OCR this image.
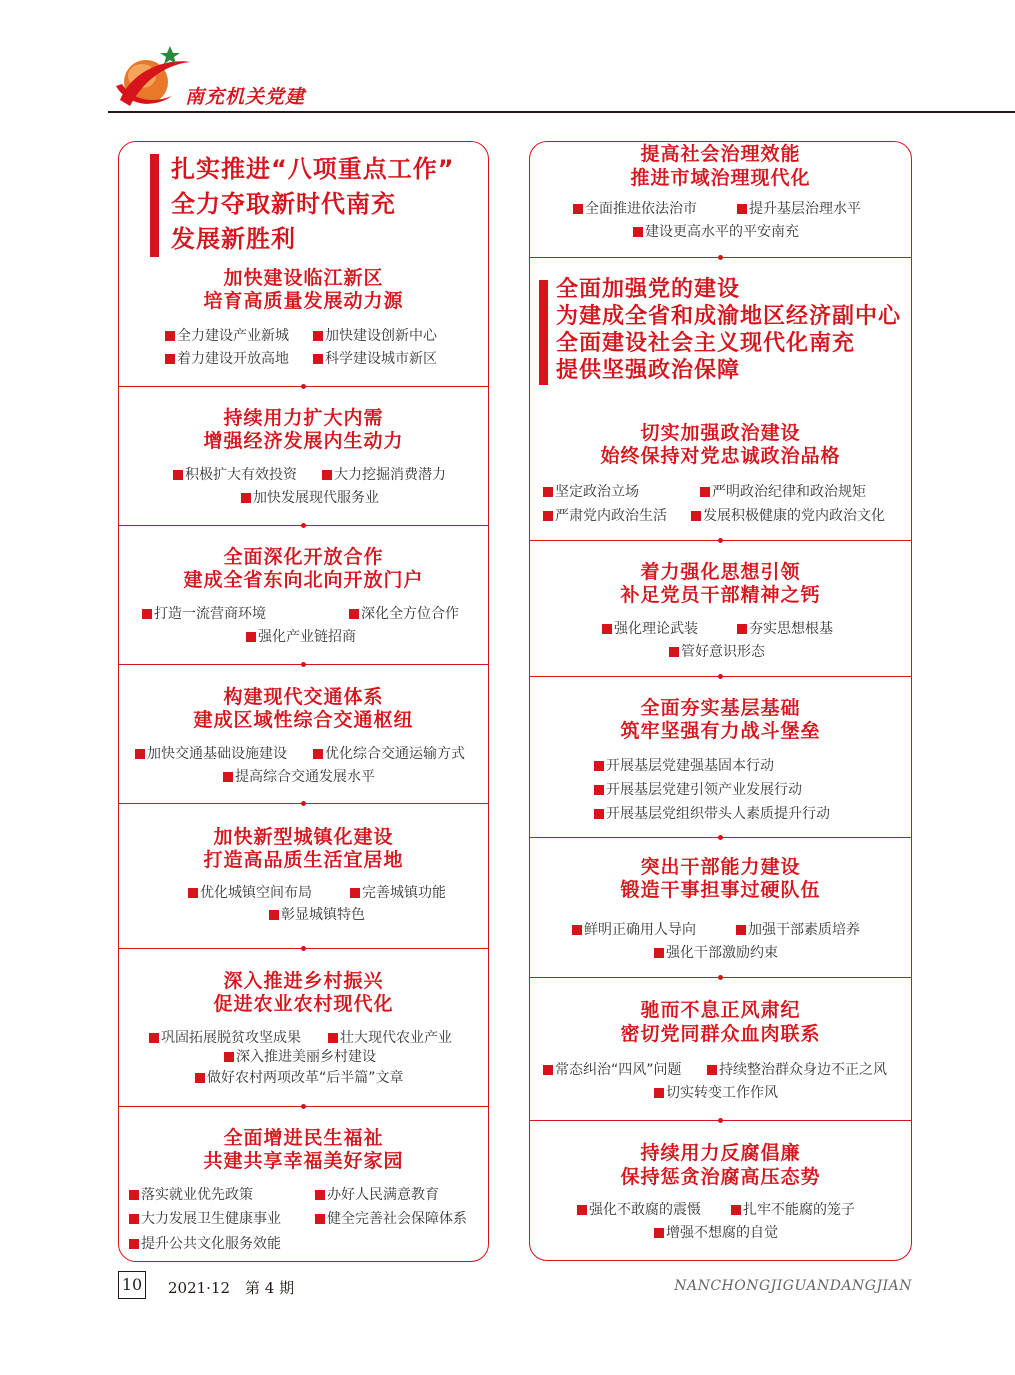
南充机关党建
扎实推进“八项重点工作”
全力夺取新时代南充
发展新胜利
加快建设临江新区
培育高质量发展动力源
全力建设产业新城	加快建设创新中心
着力建设开放高地	科学建设城市新区
持续用力扩大内需
增强经济发展内生动力
积极扩大有效投资	大力挖掘消费潜力
加快发展现代服务业
全面深化开放合作
建成全省东向北向开放门户
打造一流营商环境	深化全方位合作
强化产业链招商
构建现代交通体系
建成区域性综合交通枢纽
加快交通基础设施建设	优化综合交通运输方式
提高综合交通发展水平
加快新型城镇化建设
打造高品质生活宜居地
优化城镇空间布局	完善城镇功能
彰显城镇特色
深入推进乡村振兴
促进农业农村现代化
巩固拓展脱贫攻坚成果	壮大现代农业产业
深入推进美丽乡村建设
做好农村两项改革“后半篇”文章
全面增进民生福祉
共建共享幸福美好家园
落实就业优先政策	办好人民满意教育
大力发展卫生健康事业	健全完善社会保障体系
提升公共文化服务效能
提高社会治理效能
推进市域治理现代化
全面推进依法治市	提升基层治理水平
建设更高水平的平安南充
全面加强党的建设
为建成全省和成渝地区经济副中心
全面建设社会主义现代化南充
提供坚强政治保障
切实加强政治建设
始终保持对党忠诚政治品格
坚定政治立场	严明政治纪律和政治规矩
严肃党内政治生活	发展积极健康的党内政治文化
着力强化思想引领
补足党员干部精神之钙
强化理论武装	夯实思想根基
管好意识形态
全面夯实基层基础
筑牢坚强有力战斗堡垒
开展基层党建强基固本行动
开展基层党建引领产业发展行动
开展基层党组织带头人素质提升行动
突出干部能力建设
锻造干事担事过硬队伍
鲜明正确用人导向	加强干部素质培养
强化干部激励约束
驰而不息正风肃纪
密切党同群众血肉联系
常态纠治“四风”问题	持续整治群众身边不正之风
切实转变工作作风
持续用力反腐倡廉
保持惩贪治腐高压态势
强化不敢腐的震慑	扎牢不能腐的笼子
增强不想腐的自觉
10 2021·12　第 4 期	NANCHONGJIGUANDANGJIAN
